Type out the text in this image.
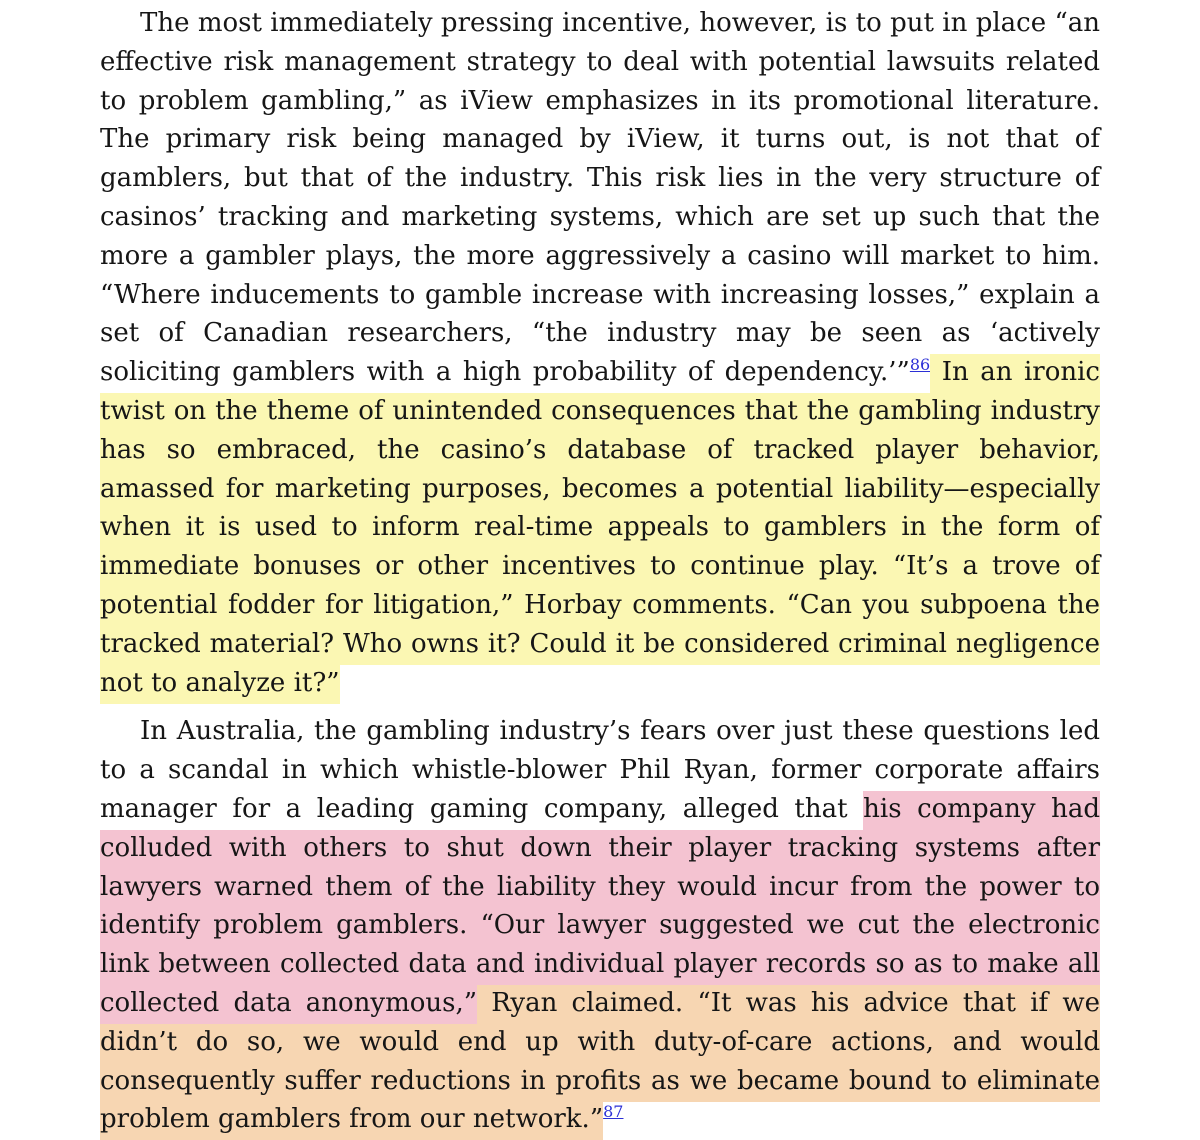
The most immediately pressing incentive, however, is to put in place “an effective risk management strategy to deal with potential lawsuits related to problem gambling,” as iView emphasizes in its promotional literature. The primary risk being managed by iView, it turns out, is not that of gamblers, but that of the industry. This risk lies in the very structure of casinos’ tracking and marketing systems, which are set up such that the more a gambler plays, the more aggressively a casino will market to him. “Where inducements to gamble increase with increasing losses,” explain a set of Canadian researchers, “the industry may be seen as ‘actively soliciting gamblers with a high probability of dependency.’”$^{86}$ In an ironic twist on the theme of unintended consequences that the gambling industry has so embraced, the casino’s database of tracked player behavior, amassed for marketing purposes, becomes a potential liability—especially when it is used to inform real-time appeals to gamblers in the form of immediate bonuses or other incentives to continue play. “It’s a trove of potential fodder for litigation,” Horbay comments. “Can you subpoena the tracked material? Who owns it? Could it be considered criminal negligence not to analyze it?”

In Australia, the gambling industry’s fears over just these questions led to a scandal in which whistle-blower Phil Ryan, former corporate affairs manager for a leading gaming company, alleged that his company had colluded with others to shut down their player tracking systems after lawyers warned them of the liability they would incur from the power to identify problem gamblers. “Our lawyer suggested we cut the electronic link between collected data and individual player records so as to make all collected data anonymous,” Ryan claimed. “It was his advice that if we didn’t do so, we would end up with duty-of-care actions, and would consequently suffer reductions in profits as we became bound to eliminate problem gamblers from our network.”$^{87}$
